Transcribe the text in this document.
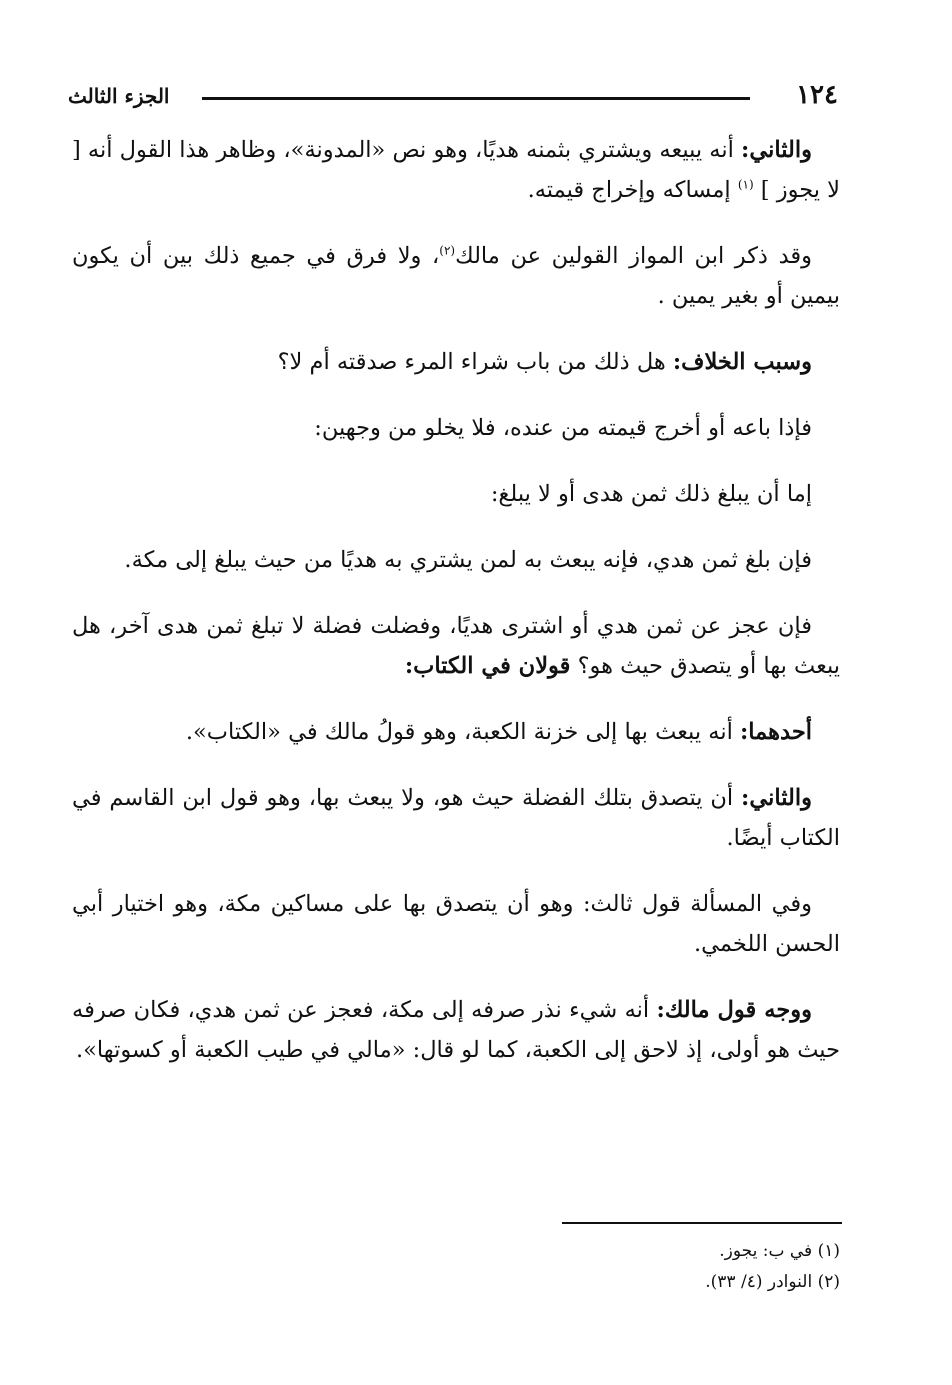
١٢٤
الجزء الثالث

والثاني: أنه يبيعه ويشتري بثمنه هديًا، وهو نص «المدونة»، وظاهر هذا القول أنه [ لا يجوز ] $^{(١)}$ إمساكه وإخراج قيمته.

وقد ذكر ابن المواز القولين عن مالك$^{(٢)}$، ولا فرق في جميع ذلك بين أن يكون بيمين أو بغير يمين .

وسبب الخلاف: هل ذلك من باب شراء المرء صدقته أم لا؟

فإذا باعه أو أخرج قيمته من عنده، فلا يخلو من وجهين:

إما أن يبلغ ذلك ثمن هدى أو لا يبلغ:

فإن بلغ ثمن هدي، فإنه يبعث به لمن يشتري به هديًا من حيث يبلغ إلى مكة.

فإن عجز عن ثمن هدي أو اشترى هديًا، وفضلت فضلة لا تبلغ ثمن هدى آخر، هل يبعث بها أو يتصدق حيث هو؟ قولان في الكتاب:

أحدهما: أنه يبعث بها إلى خزنة الكعبة، وهو قولُ مالك في «الكتاب».

والثاني: أن يتصدق بتلك الفضلة حيث هو، ولا يبعث بها، وهو قول ابن القاسم في الكتاب أيضًا.

وفي المسألة قول ثالث: وهو أن يتصدق بها على مساكين مكة، وهو اختيار أبي الحسن اللخمي.

ووجه قول مالك: أنه شيء نذر صرفه إلى مكة، فعجز عن ثمن هدي، فكان صرفه حيث هو أولى، إذ لاحق إلى الكعبة، كما لو قال: «مالي في طيب الكعبة أو كسوتها».

(١) في ب: يجوز.

(٢) النوادر (٤/ ٣٣).
